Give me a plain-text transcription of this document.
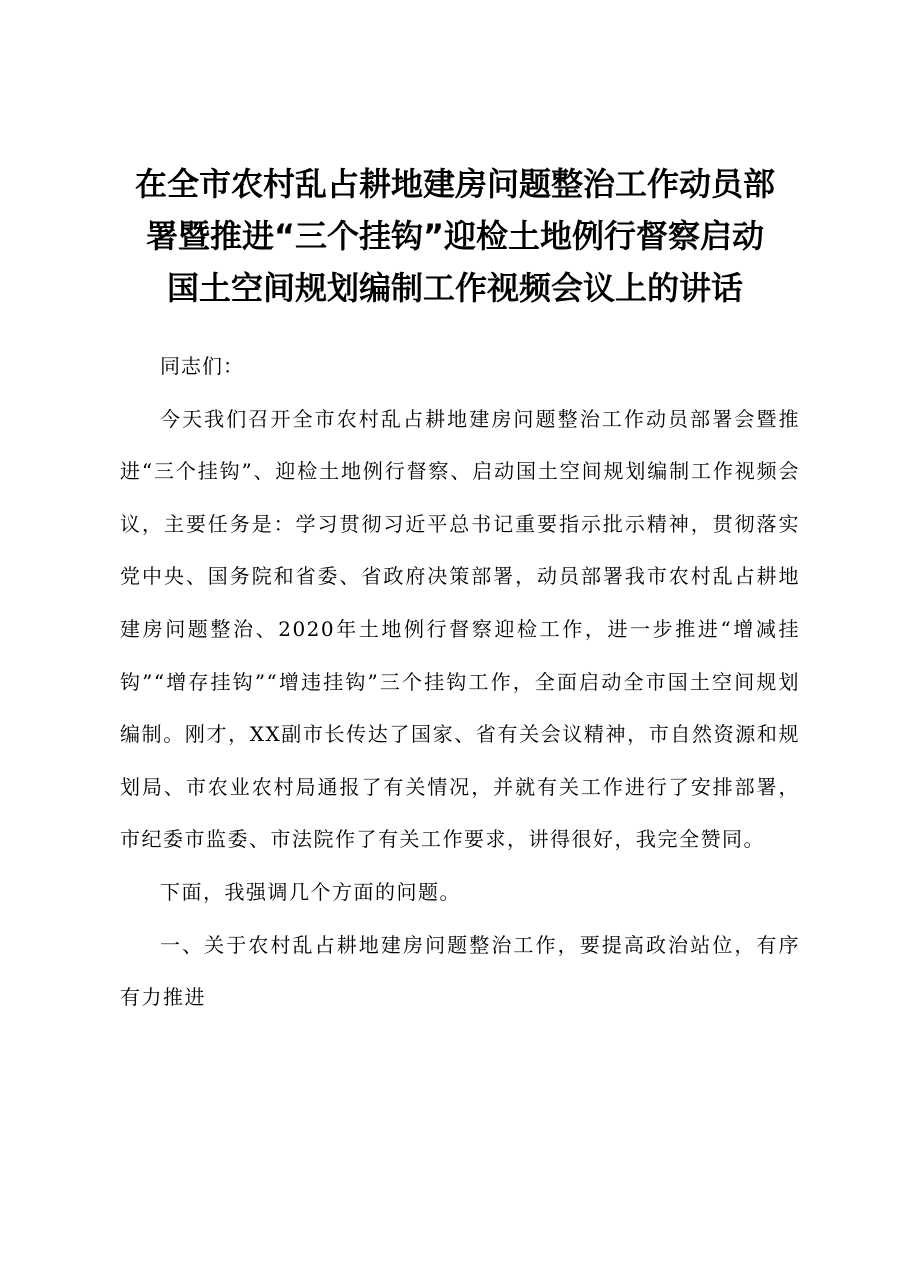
在全市农村乱占耕地建房问题整治工作动员部
署暨推进“三个挂钩”迎检土地例行督察启动
国土空间规划编制工作视频会议上的讲话

同志们：

今天我们召开全市农村乱占耕地建房问题整治工作动员部署会暨推进“三个挂钩”、迎检土地例行督察、启动国土空间规划编制工作视频会议，主要任务是：学习贯彻习近平总书记重要指示批示精神，贯彻落实党中央、国务院和省委、省政府决策部署，动员部署我市农村乱占耕地建房问题整治、2020年土地例行督察迎检工作，进一步推进“增减挂钩”“增存挂钩”“增违挂钩”三个挂钩工作，全面启动全市国土空间规划编制。刚才，XX副市长传达了国家、省有关会议精神，市自然资源和规划局、市农业农村局通报了有关情况，并就有关工作进行了安排部署，市纪委市监委、市法院作了有关工作要求，讲得很好，我完全赞同。

下面，我强调几个方面的问题。

一、关于农村乱占耕地建房问题整治工作，要提高政治站位，有序有力推进
